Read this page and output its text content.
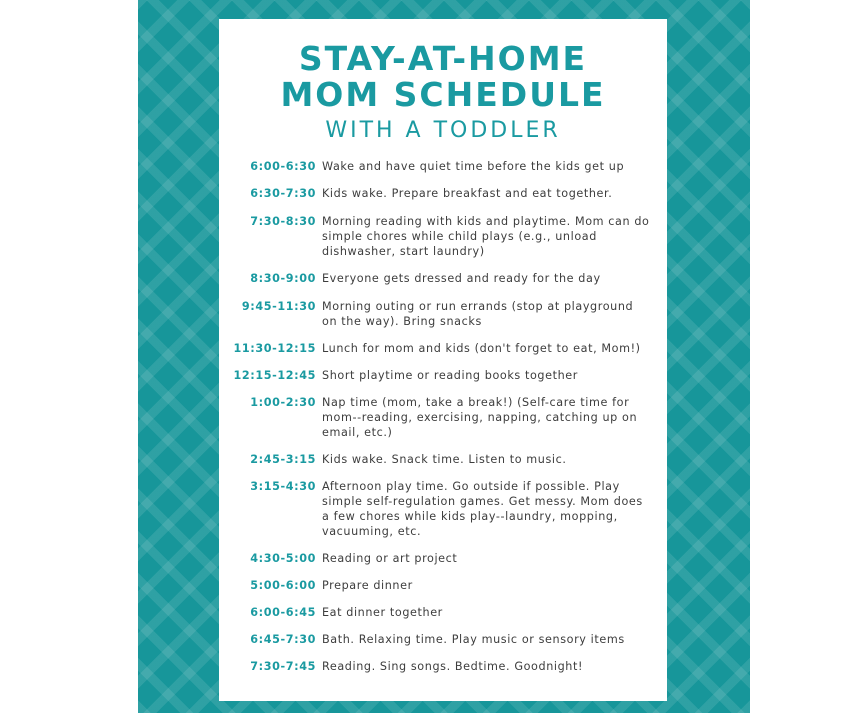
STAY-AT-HOME
MOM SCHEDULE
WITH A TODDLER
6:00-6:30 Wake and have quiet time before the kids get up
6:30-7:30 Kids wake. Prepare breakfast and eat together.
7:30-8:30 Morning reading with kids and playtime. Mom can do simple chores while child plays (e.g., unload dishwasher, start laundry)
8:30-9:00 Everyone gets dressed and ready for the day
9:45-11:30 Morning outing or run errands (stop at playground on the way). Bring snacks
11:30-12:15 Lunch for mom and kids (don't forget to eat, Mom!)
12:15-12:45 Short playtime or reading books together
1:00-2:30 Nap time (mom, take a break!) (Self-care time for mom--reading, exercising, napping, catching up on email, etc.)
2:45-3:15 Kids wake. Snack time. Listen to music.
3:15-4:30 Afternoon play time. Go outside if possible. Play simple self-regulation games. Get messy. Mom does a few chores while kids play--laundry, mopping, vacuuming, etc.
4:30-5:00 Reading or art project
5:00-6:00 Prepare dinner
6:00-6:45 Eat dinner together
6:45-7:30 Bath. Relaxing time. Play music or sensory items
7:30-7:45 Reading. Sing songs. Bedtime. Goodnight!
